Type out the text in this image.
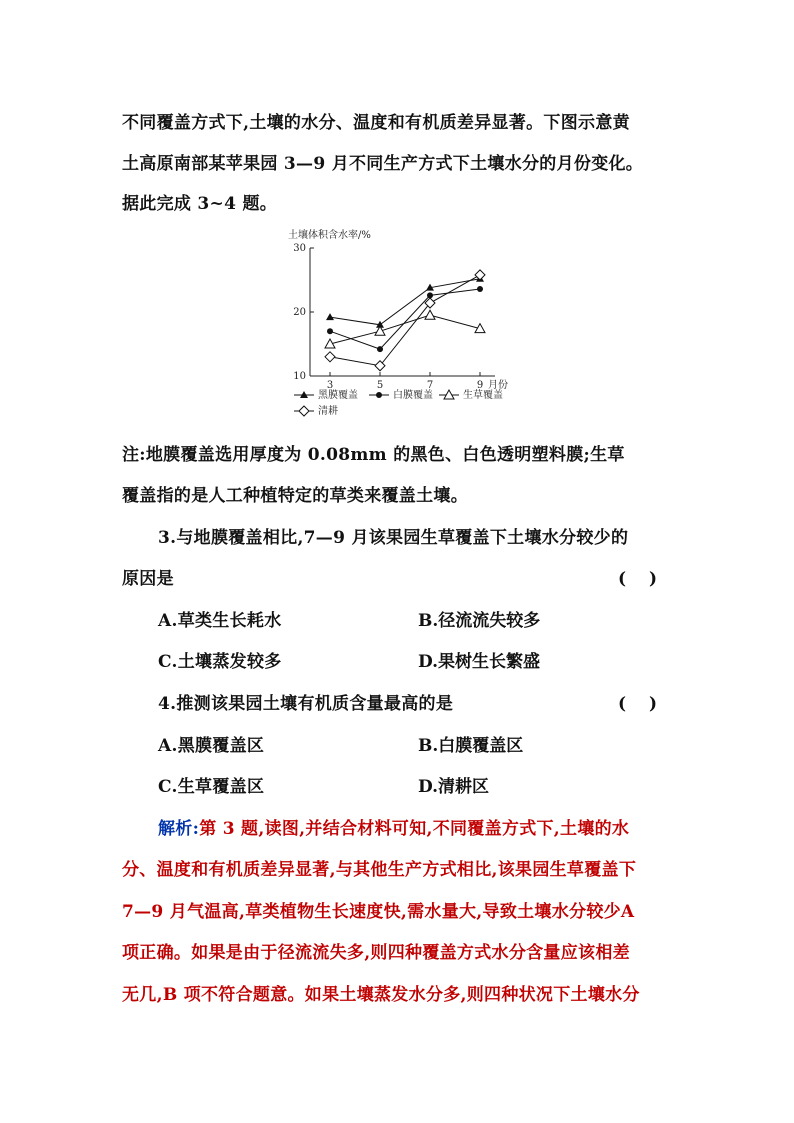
不同覆盖方式下,土壤的水分、温度和有机质差异显著。下图示意黄
土高原南部某苹果园 3—9 月不同生产方式下土壤水分的月份变化。
据此完成 3~4 题。
土壤体积含水率/%
10
20
30
3	5	7	9 月份
黑膜覆盖	白膜覆盖	生草覆盖
清耕
注:地膜覆盖选用厚度为 0.08mm 的黑色、白色透明塑料膜;生草
覆盖指的是人工种植特定的草类来覆盖土壤。
3.与地膜覆盖相比,7—9 月该果园生草覆盖下土壤水分较少的
原因是	(　 )
A.草类生长耗水	B.径流流失较多
C.土壤蒸发较多	D.果树生长繁盛
4.推测该果园土壤有机质含量最高的是	(　 )
A.黑膜覆盖区	B.白膜覆盖区
C.生草覆盖区	D.清耕区
解析:第 3 题,读图,并结合材料可知,不同覆盖方式下,土壤的水
分、温度和有机质差异显著,与其他生产方式相比,该果园生草覆盖下
7—9 月气温高,草类植物生长速度快,需水量大,导致土壤水分较少A
项正确。如果是由于径流流失多,则四种覆盖方式水分含量应该相差
无几,B 项不符合题意。如果土壤蒸发水分多,则四种状况下土壤水分
